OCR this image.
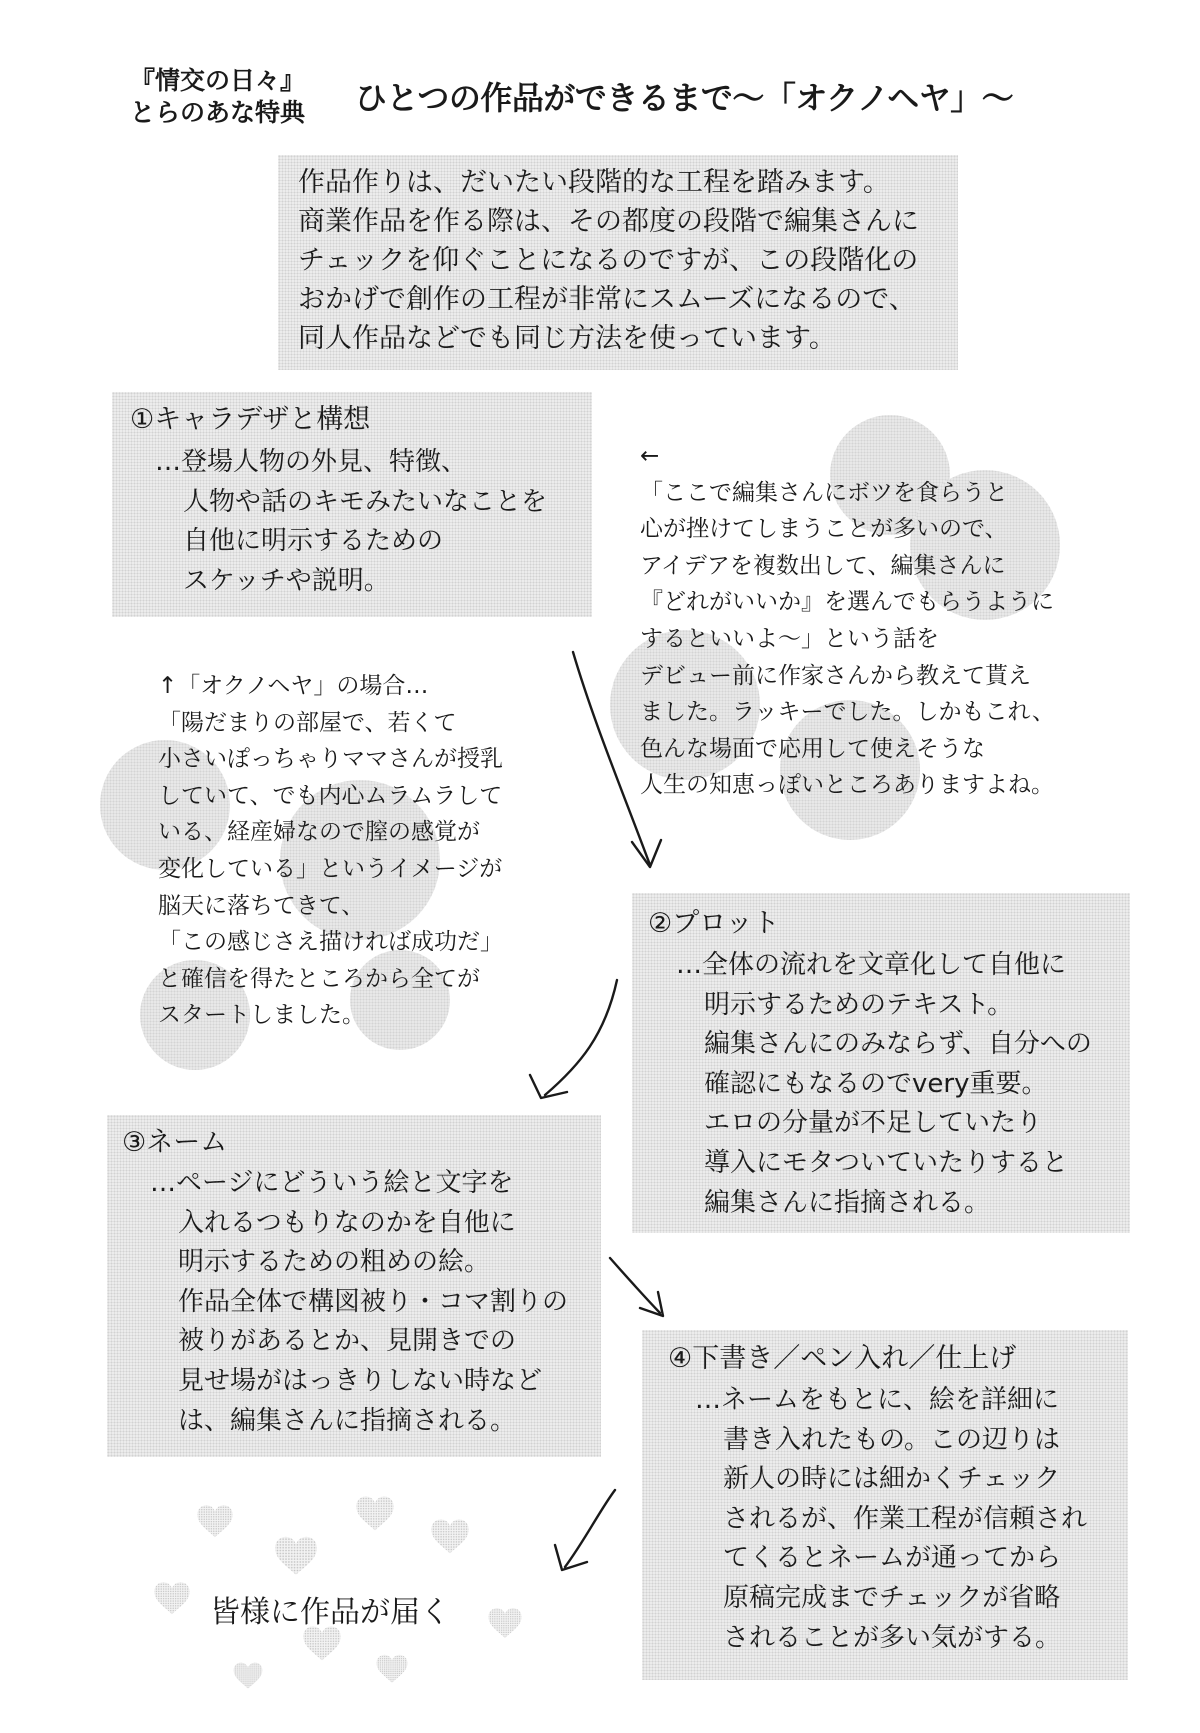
『情交の日々』
とらのあな特典 ひとつの作品ができるまで〜「オクノヘヤ」〜
作品作りは、だいたい段階的な工程を踏みます。
商業作品を作る際は、その都度の段階で編集さんに
チェックを仰ぐことになるのですが、この段階化の
おかげで創作の工程が非常にスムーズになるので、
同人作品などでも同じ方法を使っています。
①キャラデザと構想
…登場人物の外見、特徴、
人物や話のキモみたいなことを
自他に明示するための
スケッチや説明。
←
「ここで編集さんにボツを食らうと
心が挫けてしまうことが多いので、
アイデアを複数出して、編集さんに
『どれがいいか』を選んでもらうように
するといいよ〜」という話を
デビュー前に作家さんから教えて貰え
ました。ラッキーでした。しかもこれ、
色んな場面で応用して使えそうな
人生の知恵っぽいところありますよね。
↑「オクノヘヤ」の場合…
「陽だまりの部屋で、若くて
小さいぽっちゃりママさんが授乳
していて、でも内心ムラムラして
いる、経産婦なので膣の感覚が
変化している」というイメージが
脳天に落ちてきて、
「この感じさえ描ければ成功だ」
と確信を得たところから全てが
スタートしました。
②プロット
…全体の流れを文章化して自他に
明示するためのテキスト。
編集さんにのみならず、自分への
確認にもなるのでvery重要。
エロの分量が不足していたり
導入にモタついていたりすると
編集さんに指摘される。
③ネーム
…ページにどういう絵と文字を
入れるつもりなのかを自他に
明示するための粗めの絵。
作品全体で構図被り・コマ割りの
被りがあるとか、見開きでの
見せ場がはっきりしない時など
は、編集さんに指摘される。
④下書き／ペン入れ／仕上げ
…ネームをもとに、絵を詳細に
書き入れたもの。この辺りは
新人の時には細かくチェック
されるが、作業工程が信頼され
てくるとネームが通ってから
原稿完成までチェックが省略
されることが多い気がする。
皆様に作品が届く
